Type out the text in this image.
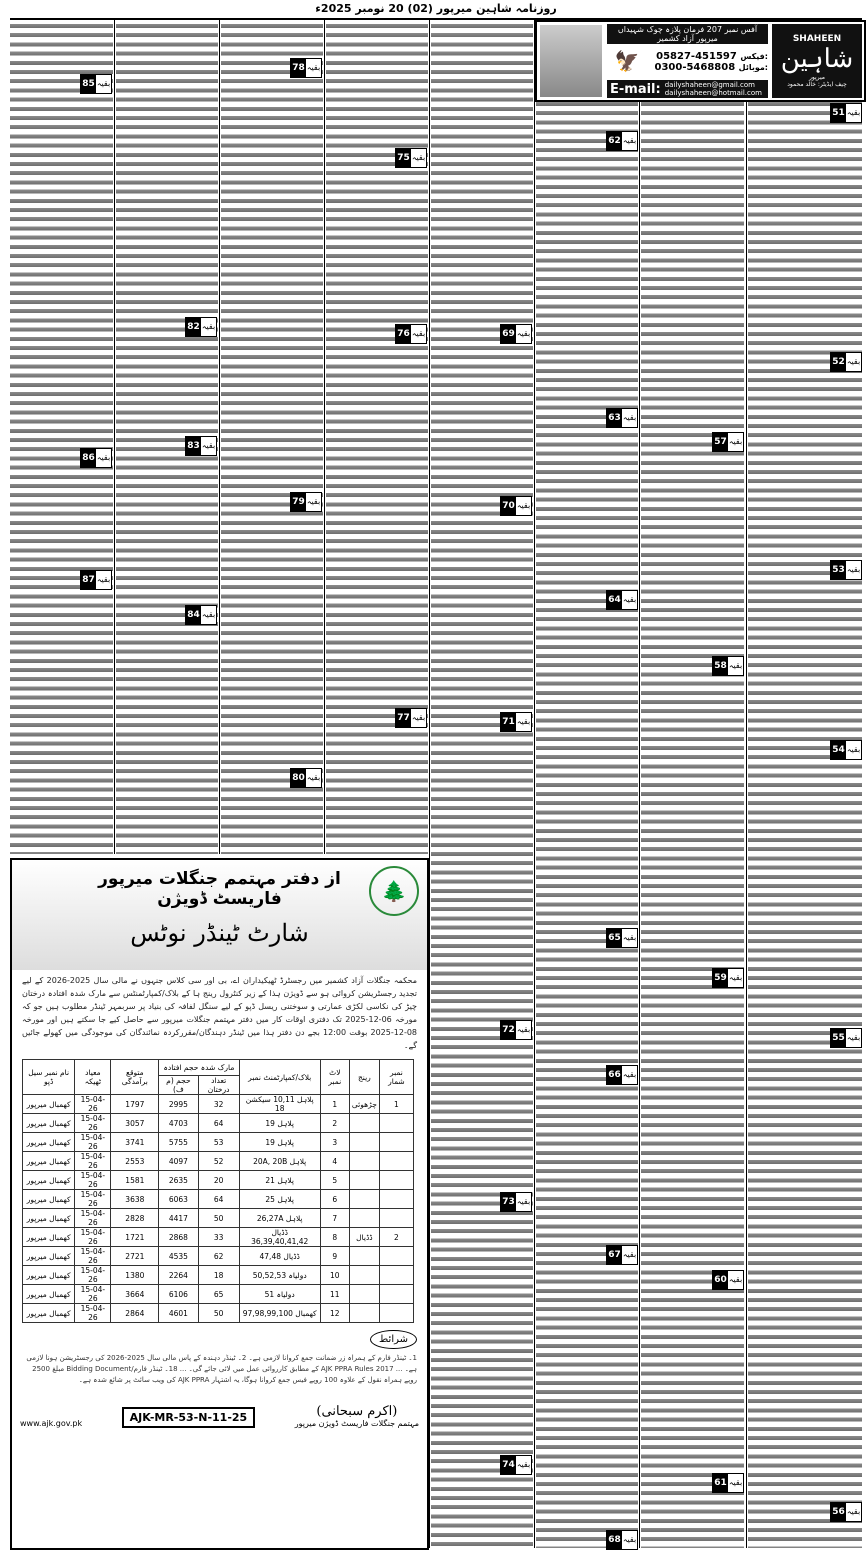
روزنامہ شاہین میرپور (02) 20 نومبر 2025ء
آفس نمبر 207 فرمان پلازہ چوک شہیداں میرپور آزاد کشمیر
🦅	05827-451597 فیکس:
0300-5468808 موبائل:
E-mail: dailyshaheen@gmail.com
dailyshaheen@hotmail.com
SHAHEEN
شاہین
میرپور
چیف ایڈیٹر: خالد محمود
51 بقیہ
52 بقیہ
53 بقیہ
54 بقیہ
55 بقیہ
56 بقیہ
57 بقیہ
58 بقیہ
59 بقیہ
60 بقیہ
61 بقیہ
62 بقیہ
63 بقیہ
64 بقیہ
65 بقیہ
66 بقیہ
67 بقیہ
68 بقیہ
69 بقیہ
70 بقیہ
71 بقیہ
72 بقیہ
73 بقیہ
74 بقیہ
75 بقیہ
76 بقیہ
77 بقیہ
78 بقیہ
79 بقیہ
80 بقیہ
82 بقیہ
83 بقیہ
84 بقیہ
85 بقیہ
86 بقیہ
87 بقیہ
🌲
از دفتر مہتمم جنگلات میرپور فاریسٹ ڈویژن
شارٹ ٹینڈر نوٹس
محکمہ جنگلات آزاد کشمیر میں رجسٹرڈ ٹھیکیداران اے، بی اور سی کلاس جنہوں نے مالی سال 2025-2026 کے لیے تجدید رجسٹریشن کروائی ہو سے ڈویژن ہذا کے زیر کنٹرول رینج ہا کے بلاک/کمپارٹمنٹس سے مارک شدہ افتادہ درختان چیڑ کی نکاسی لکڑی عمارتی و سوختنی ریسل ڈپو کے لیے سنگل لفافہ کی بنیاد پر سربمہر ٹینڈر مطلوب ہیں جو کہ مورخہ 06-12-2025 تک دفتری اوقات کار میں دفتر مہتمم جنگلات میرپور سے حاصل کیے جا سکتے ہیں اور مورخہ 08-12-2025 بوقت 12:00 بجے دن دفتر ہذا میں ٹینڈر دہندگان/مقررکردہ نمائندگان کی موجودگی میں کھولے جائیں گے۔
نمبر شمار	رینج	لاٹ نمبر	بلاک/کمپارٹمنٹ نمبر	مارک شدہ حجم افتادہ		متوقع برآمدگی	معیاد ٹھیکہ	نام نمبر سیل ڈپو
				تعداد درختان	حجم (م ف)			
1	چڑھوئی	1	پلاہل 10,11 سیکشن 18	32	2995	1797	15-04-26	کھمبال میرپور
		2	پلاہل 19	64	4703	3057	15-04-26	کھمبال میرپور
		3	پلاہل 19	53	5755	3741	15-04-26	کھمبال میرپور
		4	پلاہل 20A, 20B	52	4097	2553	15-04-26	کھمبال میرپور
		5	پلاہل 21	20	2635	1581	15-04-26	کھمبال میرپور
		6	پلاہل 25	64	6063	3638	15-04-26	کھمبال میرپور
		7	پلاہل 26,27A	50	4417	2828	15-04-26	کھمبال میرپور
2	ڈڈیال	8	ڈڈیال 36,39,40,41,42	33	2868	1721	15-04-26	کھمبال میرپور
		9	ڈڈیال 47,48	62	4535	2721	15-04-26	کھمبال میرپور
		10	دولیاہ 50,52,53	18	2264	1380	15-04-26	کھمبال میرپور
		11	دولیاہ 51	65	6106	3664	15-04-26	کھمبال میرپور
		12	کھمبال 97,98,99,100	50	4601	2864	15-04-26	کھمبال میرپور
شرائط
1۔ ٹینڈر فارم کے ہمراہ زر ضمانت جمع کروانا لازمی ہے۔ 2۔ ٹینڈر دہندہ کے پاس مالی سال 2025-2026 کی رجسٹریشن ہونا لازمی ہے۔ ... AJK PPRA Rules 2017 کے مطابق کارروائی عمل میں لائی جائے گی۔ ... 18۔ ٹینڈر فارم/Bidding Document مبلغ 2500 روپے ہمراہ نقول کے علاوہ 100 روپے فیس جمع کروانا ہوگا، یہ اشتہار AJK PPRA کی ویب سائٹ پر شائع شدہ ہے۔
www.ajk.gov.pk	AJK-MR-53-N-11-25	(اکرم سبحانی)
مہتمم جنگلات فاریسٹ ڈویژن میرپور
